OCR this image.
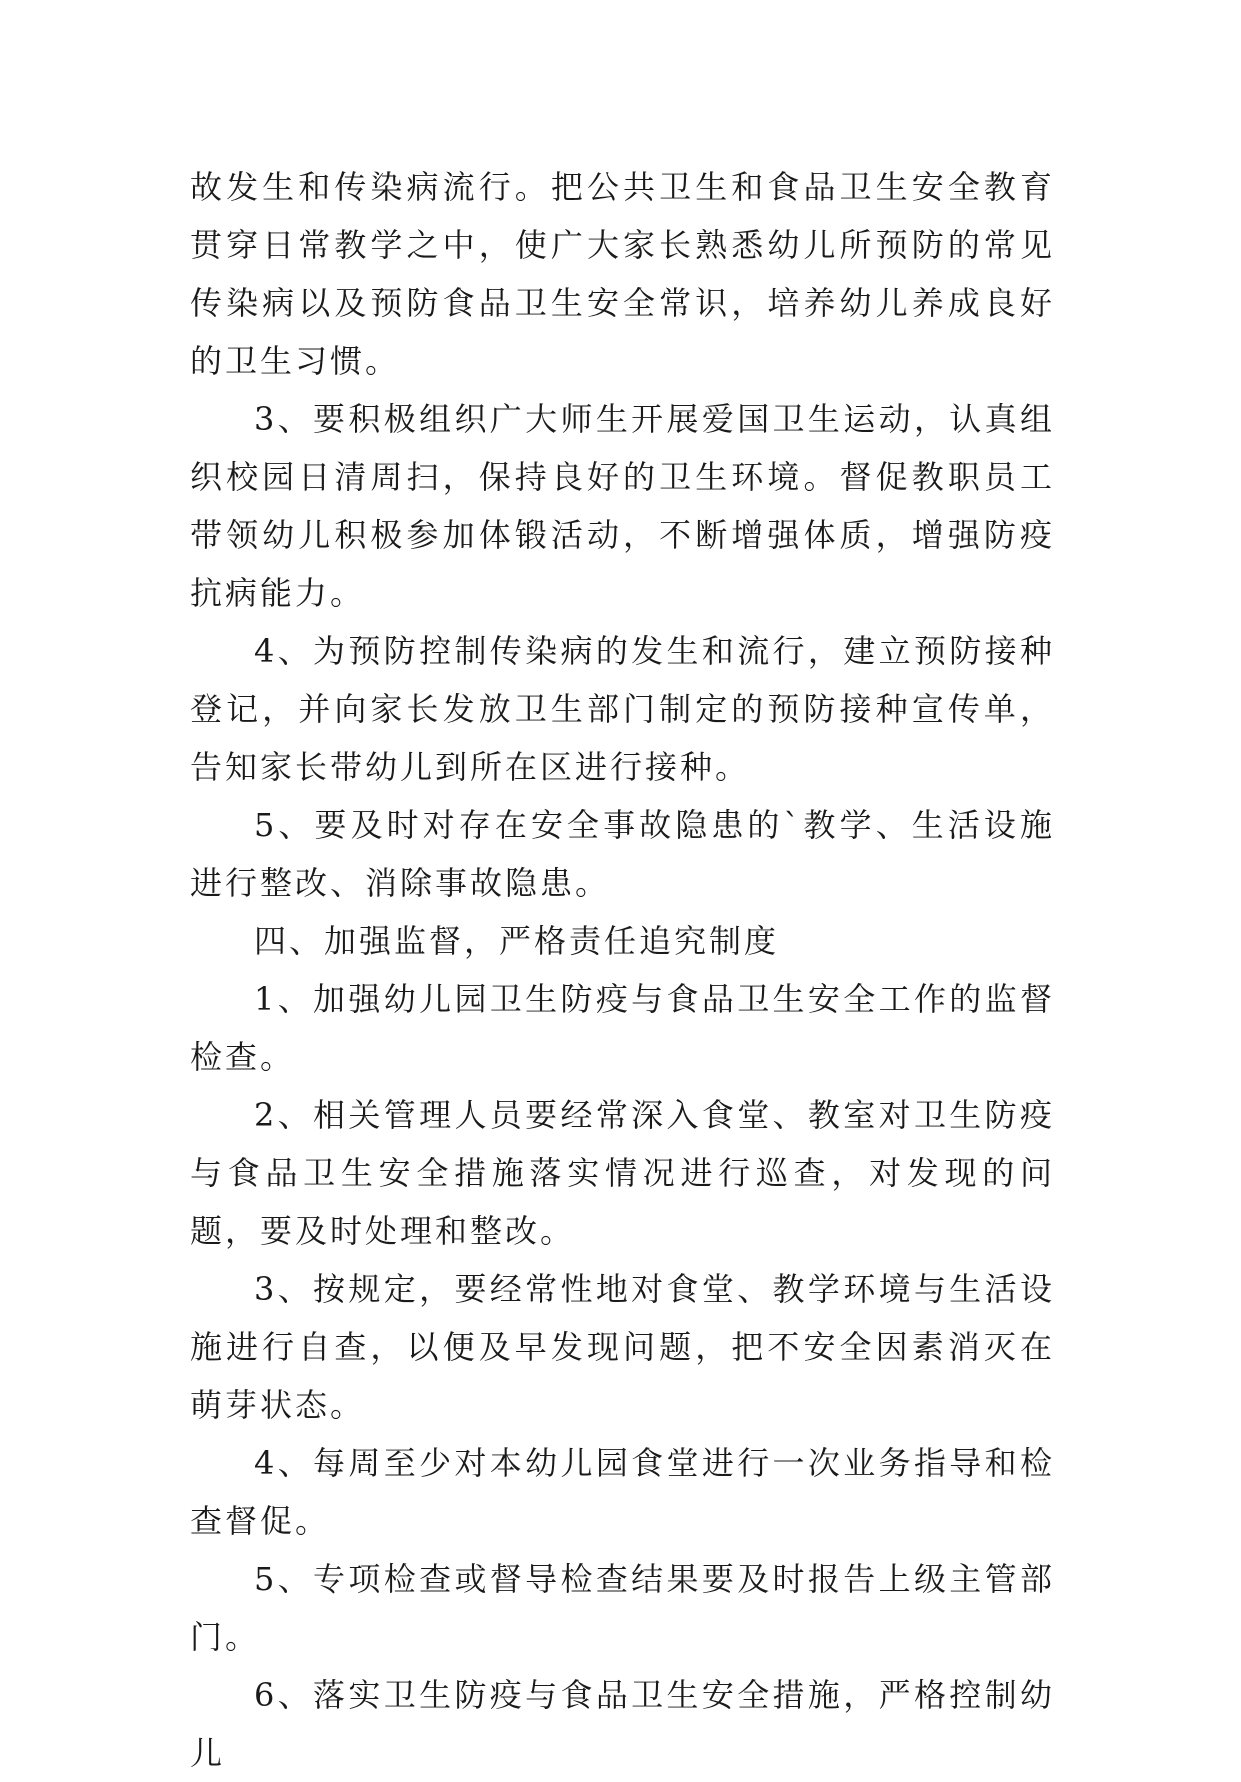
故发生和传染病流行。把公共卫生和食品卫生安全教育贯穿日常教学之中，使广大家长熟悉幼儿所预防的常见传染病以及预防食品卫生安全常识，培养幼儿养成良好的卫生习惯。

3、要积极组织广大师生开展爱国卫生运动，认真组织校园日清周扫，保持良好的卫生环境。督促教职员工带领幼儿积极参加体锻活动，不断增强体质，增强防疫抗病能力。

4、为预防控制传染病的发生和流行，建立预防接种登记，并向家长发放卫生部门制定的预防接种宣传单，告知家长带幼儿到所在区进行接种。

5、要及时对存在安全事故隐患的`教学、生活设施进行整改、消除事故隐患。

四、加强监督，严格责任追究制度

1、加强幼儿园卫生防疫与食品卫生安全工作的监督检查。

2、相关管理人员要经常深入食堂、教室对卫生防疫与食品卫生安全措施落实情况进行巡查，对发现的问题，要及时处理和整改。

3、按规定，要经常性地对食堂、教学环境与生活设施进行自查，以便及早发现问题，把不安全因素消灭在萌芽状态。

4、每周至少对本幼儿园食堂进行一次业务指导和检查督促。

5、专项检查或督导检查结果要及时报告上级主管部门。

6、落实卫生防疫与食品卫生安全措施，严格控制幼儿
